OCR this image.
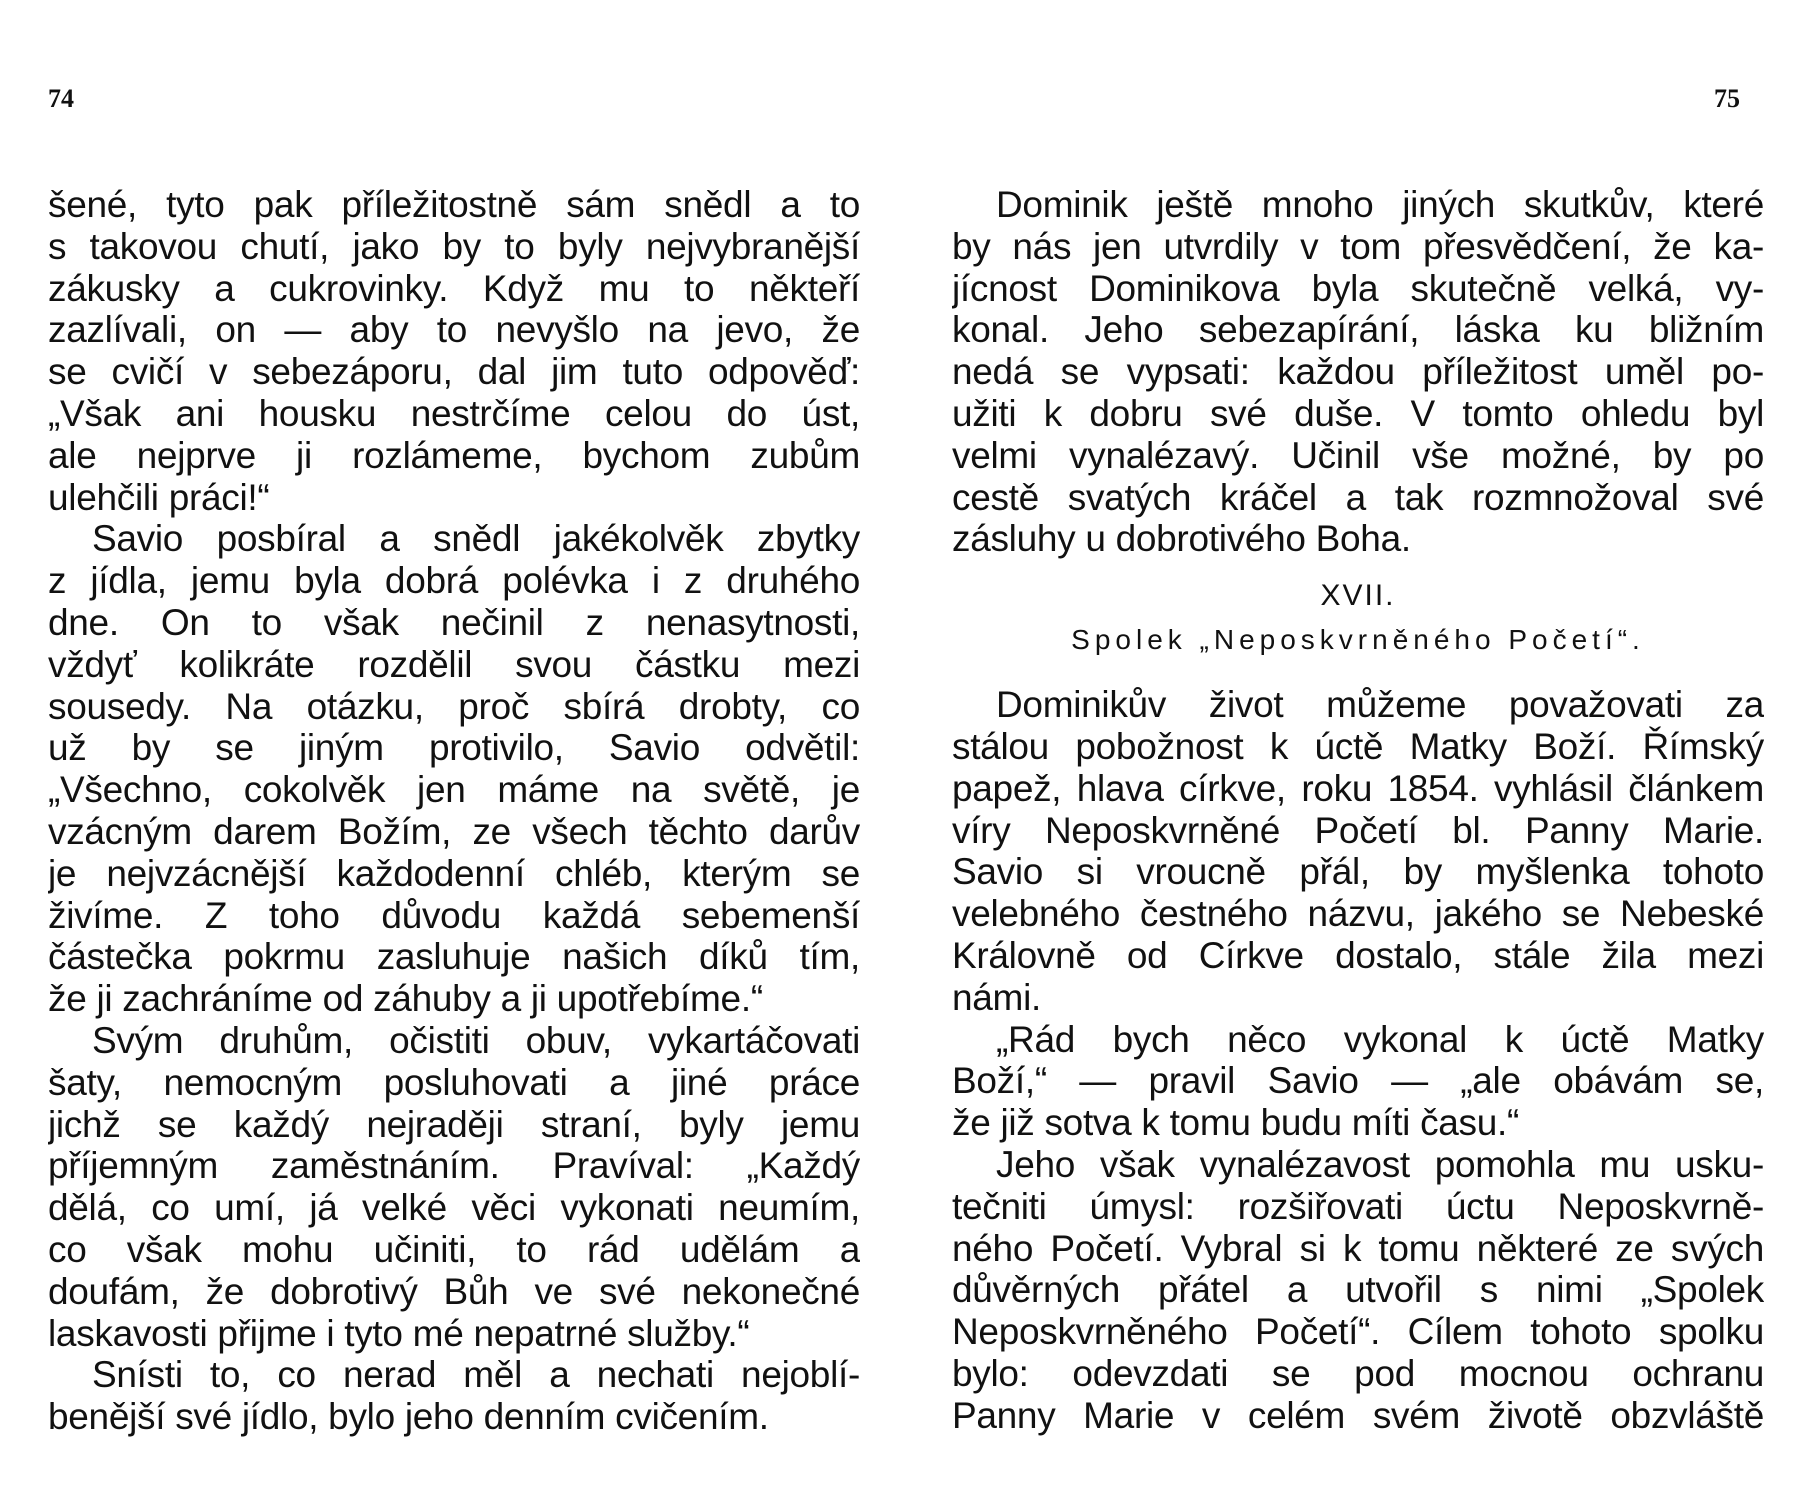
74
šené, tyto pak příležitostně sám snědl a to
s takovou chutí, jako by to byly nejvybranější
zákusky a cukrovinky. Když mu to někteří
zazlívali, on — aby to nevyšlo na jevo, že
se cvičí v sebezáporu, dal jim tuto odpověď:
„Však ani housku nestrčíme celou do úst,
ale nejprve ji rozlámeme, bychom zubům
ulehčili práci!“
Savio posbíral a snědl jakékolvěk zbytky
z jídla, jemu byla dobrá polévka i z druhého
dne. On to však nečinil z nenasytnosti,
vždyť kolikráte rozdělil svou částku mezi
sousedy. Na otázku, proč sbírá drobty, co
už by se jiným protivilo, Savio odvětil:
„Všechno, cokolvěk jen máme na světě, je
vzácným darem Božím, ze všech těchto darův
je nejvzácnější každodenní chléb, kterým se
živíme. Z toho důvodu každá sebemenší
částečka pokrmu zasluhuje našich díků tím,
že ji zachráníme od záhuby a ji upotřebíme.“
Svým druhům, očistiti obuv, vykartáčovati
šaty, nemocným posluhovati a jiné práce
jichž se každý nejraději straní, byly jemu
příjemným zaměstnáním. Pravíval: „Každý
dělá, co umí, já velké věci vykonati neumím,
co však mohu učiniti, to rád udělám a
doufám, že dobrotivý Bůh ve své nekonečné
laskavosti přijme i tyto mé nepatrné služby.“
Snísti to, co nerad měl a nechati nejoblí-
benější své jídlo, bylo jeho denním cvičením.
75
Dominik ještě mnoho jiných skutkův, které
by nás jen utvrdily v tom přesvědčení, že ka-
jícnost Dominikova byla skutečně velká, vy-
konal. Jeho sebezapírání, láska ku bližním
nedá se vypsati: každou příležitost uměl po-
užiti k dobru své duše. V tomto ohledu byl
velmi vynalézavý. Učinil vše možné, by po
cestě svatých kráčel a tak rozmnožoval své
zásluhy u dobrotivého Boha.
XVII.
Spolek „Neposkvrněného Početí“.
Dominikův život můžeme považovati za
stálou pobožnost k úctě Matky Boží. Římský
papež, hlava církve, roku 1854. vyhlásil článkem
víry Neposkvrněné Početí bl. Panny Marie.
Savio si vroucně přál, by myšlenka tohoto
velebného čestného názvu, jakého se Nebeské
Královně od Církve dostalo, stále žila mezi
námi.
„Rád bych něco vykonal k úctě Matky
Boží,“ — pravil Savio — „ale obávám se,
že již sotva k tomu budu míti času.“
Jeho však vynalézavost pomohla mu usku-
tečniti úmysl: rozšiřovati úctu Neposkvrně-
ného Početí. Vybral si k tomu některé ze svých
důvěrných přátel a utvořil s nimi „Spolek
Neposkvrněného Početí“. Cílem tohoto spolku
bylo: odevzdati se pod mocnou ochranu
Panny Marie v celém svém životě obzvláště
